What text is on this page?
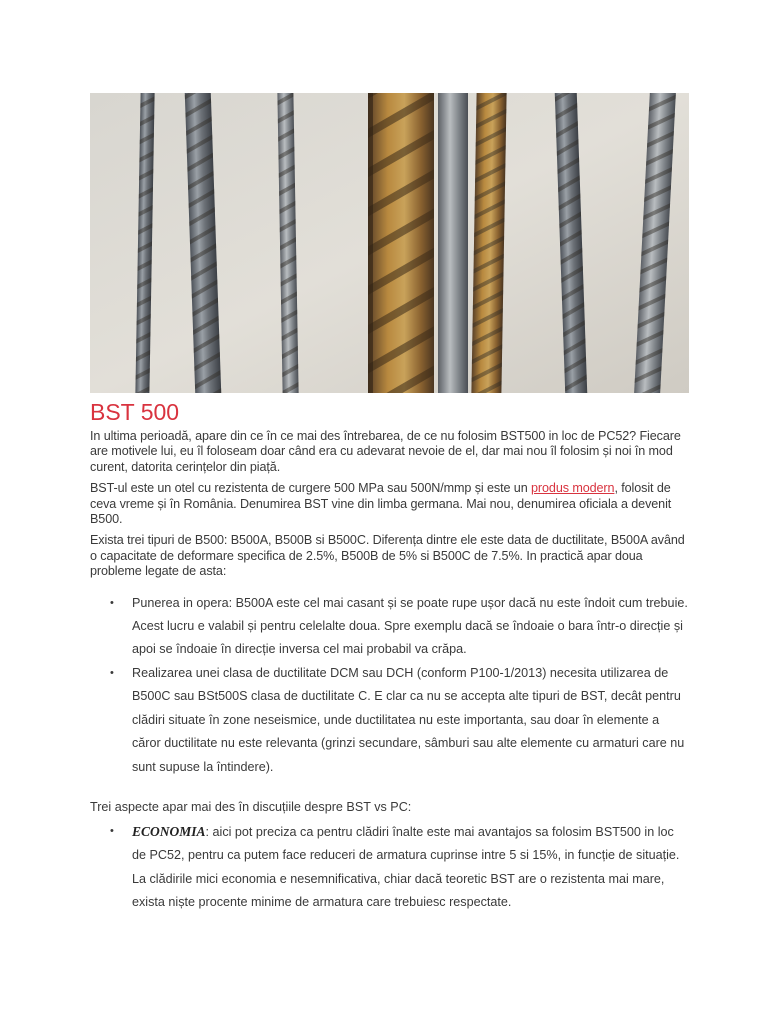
BST 500

In ultima perioadă, apare din ce în ce mai des întrebarea, de ce nu folosim BST500 in loc de PC52? Fiecare are motivele lui, eu îl foloseam doar când era cu adevarat nevoie de el, dar mai nou îl folosim și noi în mod curent, datorita cerințelor din piață.

BST-ul este un otel cu rezistenta de curgere 500 MPa sau 500N/mmp și este un produs modern, folosit de ceva vreme și în România. Denumirea BST vine din limba germana. Mai nou, denumirea oficiala a devenit B500.

Exista trei tipuri de B500: B500A, B500B si B500C. Diferența dintre ele este data de ductilitate, B500A având o capacitate de deformare specifica de 2.5%, B500B de 5% si B500C de 7.5%. In practică apar doua probleme legate de asta:

• Punerea in opera: B500A este cel mai casant și se poate rupe ușor dacă nu este îndoit cum trebuie. Acest lucru e valabil și pentru celelalte doua. Spre exemplu dacă se îndoaie o bara într-o direcție și apoi se îndoaie în direcție inversa cel mai probabil va crăpa.
• Realizarea unei clasa de ductilitate DCM sau DCH (conform P100-1/2013) necesita utilizarea de B500C sau BSt500S clasa de ductilitate C. E clar ca nu se accepta alte tipuri de BST, decât pentru clădiri situate în zone neseismice, unde ductilitatea nu este importanta, sau doar în elemente a căror ductilitate nu este relevanta (grinzi secundare, sâmburi sau alte elemente cu armaturi care nu sunt supuse la întindere).
Trei aspecte apar mai des în discuțiile despre BST vs PC:
• ECONOMIA: aici pot preciza ca pentru clădiri înalte este mai avantajos sa folosim BST500 in loc de PC52, pentru ca putem face reduceri de armatura cuprinse intre 5 si 15%, in funcție de situație. La clădirile mici economia e nesemnificativa, chiar dacă teoretic BST are o rezistenta mai mare, exista niște procente minime de armatura care trebuiesc respectate.
